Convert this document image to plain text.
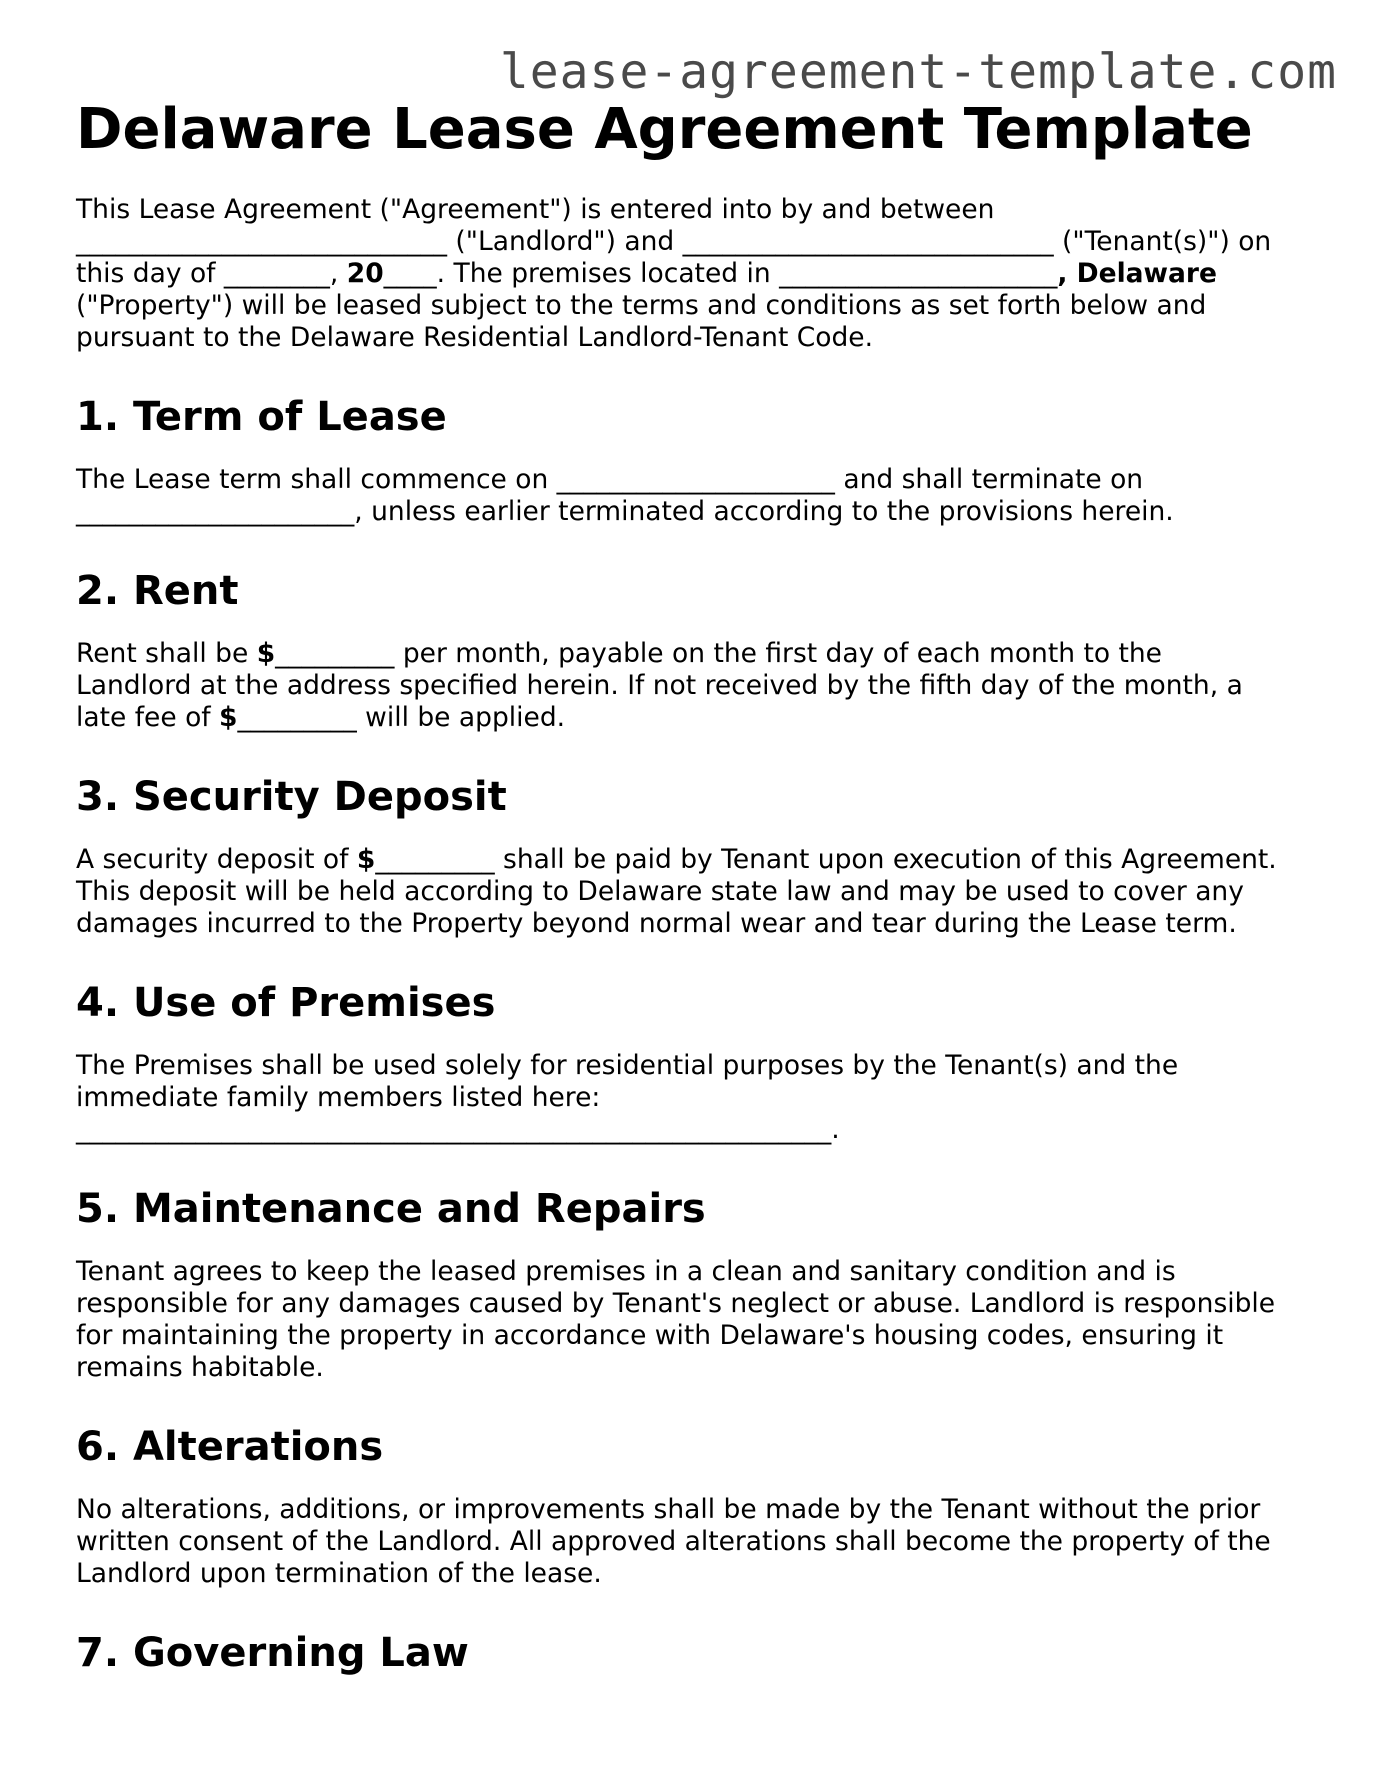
lease-agreement-template.com
Delaware Lease Agreement Template

This Lease Agreement ("Agreement") is entered into by and between
____________________________ ("Landlord") and ____________________________ ("Tenant(s)") on
this day of ________, 20____. The premises located in _____________________, Delaware
("Property") will be leased subject to the terms and conditions as set forth below and
pursuant to the Delaware Residential Landlord-Tenant Code.

1. Term of Lease

The Lease term shall commence on _____________________ and shall terminate on
_____________________, unless earlier terminated according to the provisions herein.

2. Rent

Rent shall be $_________ per month, payable on the first day of each month to the
Landlord at the address specified herein. If not received by the fifth day of the month, a
late fee of $_________ will be applied.

3. Security Deposit

A security deposit of $_________ shall be paid by Tenant upon execution of this Agreement.
This deposit will be held according to Delaware state law and may be used to cover any
damages incurred to the Property beyond normal wear and tear during the Lease term.

4. Use of Premises

The Premises shall be used solely for residential purposes by the Tenant(s) and the
immediate family members listed here:
_________________________________________________________.

5. Maintenance and Repairs

Tenant agrees to keep the leased premises in a clean and sanitary condition and is
responsible for any damages caused by Tenant's neglect or abuse. Landlord is responsible
for maintaining the property in accordance with Delaware's housing codes, ensuring it
remains habitable.

6. Alterations

No alterations, additions, or improvements shall be made by the Tenant without the prior
written consent of the Landlord. All approved alterations shall become the property of the
Landlord upon termination of the lease.

7. Governing Law
